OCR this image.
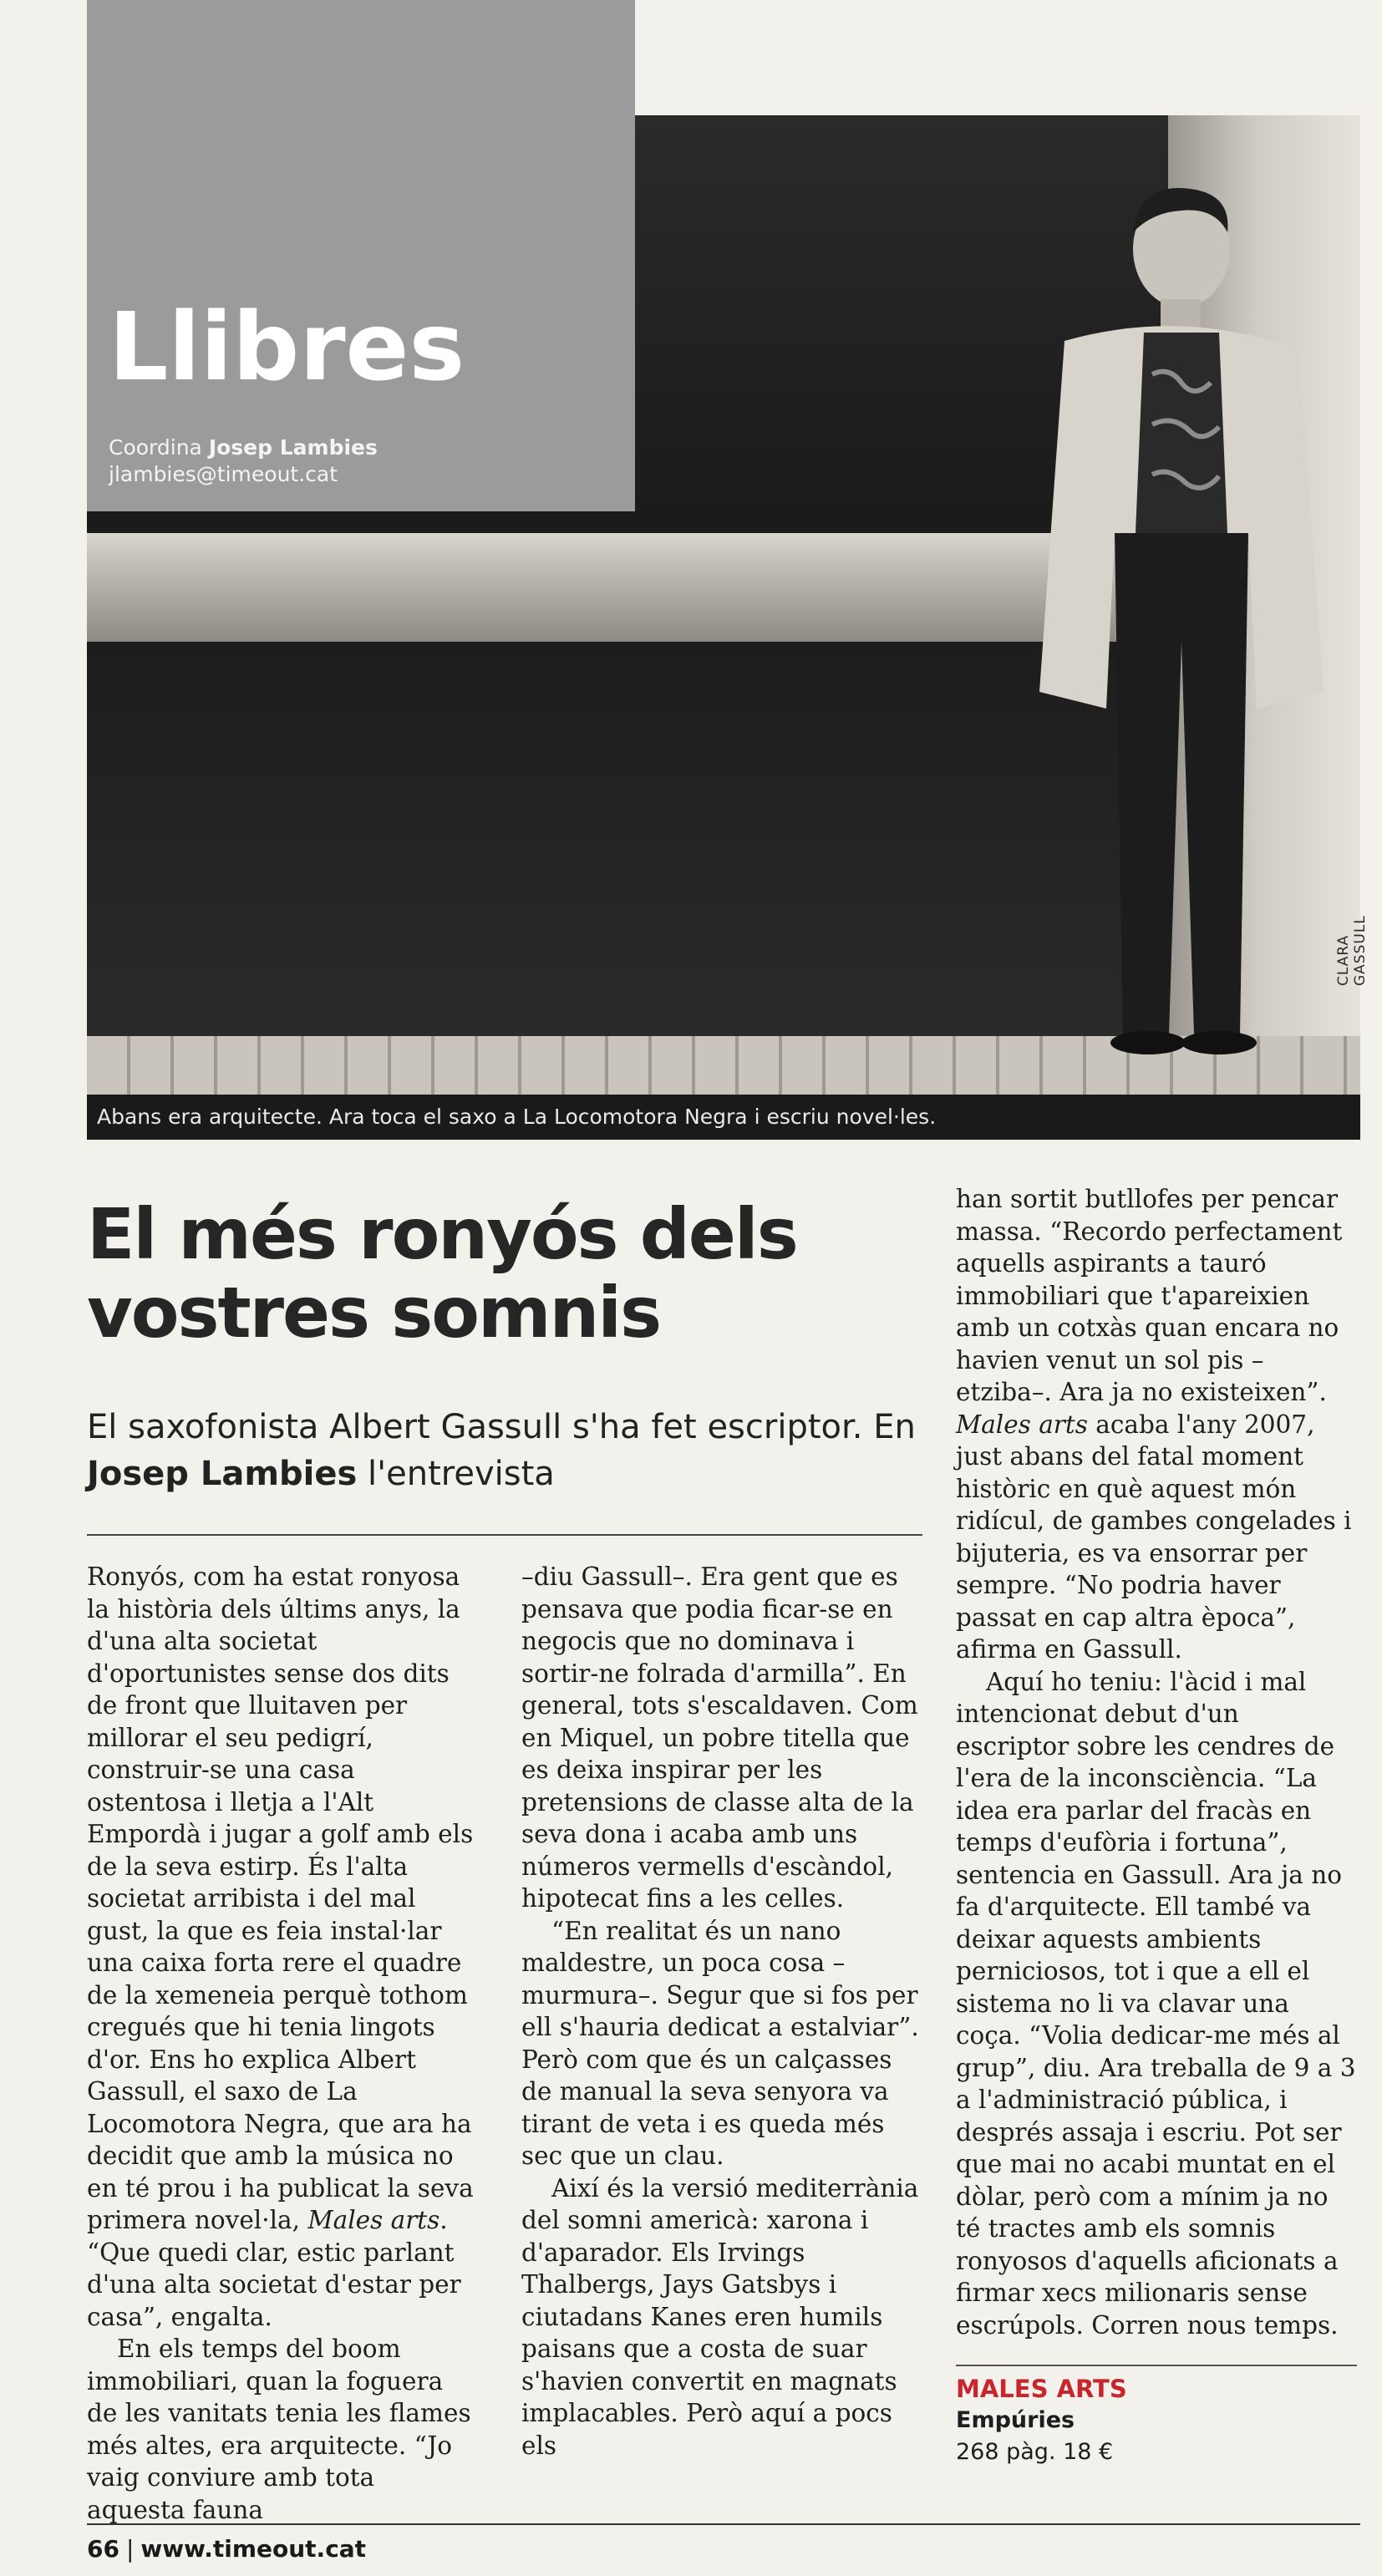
CLARA GASSULL
Abans era arquitecte. Ara toca el saxo a La Locomotora Negra i escriu novel·les.
Llibres
Coordina Josep Lambies
jlambies@timeout.cat
El més ronyós dels vostres somnis

El saxofonista Albert Gassull s'ha fet escriptor. En Josep Lambies l'entrevista

Ronyós, com ha estat ronyosa la història dels últims anys, la d'una alta societat d'oportunistes sense dos dits de front que lluitaven per millorar el seu pedigrí, construir-se una casa ostentosa i lletja a l'Alt Empordà i jugar a golf amb els de la seva estirp. És l'alta societat arribista i del mal gust, la que es feia instal·lar una caixa forta rere el quadre de la xemeneia perquè tothom cregués que hi tenia lingots d'or. Ens ho explica Albert Gassull, el saxo de La Locomotora Negra, que ara ha decidit que amb la música no en té prou i ha publicat la seva primera novel·la, Males arts. “Que quedi clar, estic parlant d'una alta societat d'estar per casa”, engalta.

En els temps del boom immobiliari, quan la foguera de les vanitats tenia les flames més altes, era arquitecte. “Jo vaig conviure amb tota aquesta fauna

–diu Gassull–. Era gent que es pensava que podia ficar-se en negocis que no dominava i sortir-ne folrada d'armilla”. En general, tots s'escaldaven. Com en Miquel, un pobre titella que es deixa inspirar per les pretensions de classe alta de la seva dona i acaba amb uns números vermells d'escàndol, hipotecat fins a les celles.

“En realitat és un nano maldestre, un poca cosa –murmura–. Segur que si fos per ell s'hauria dedicat a estalviar”. Però com que és un calçasses de manual la seva senyora va tirant de veta i es queda més sec que un clau.

Així és la versió mediterrània del somni americà: xarona i d'aparador. Els Irvings Thalbergs, Jays Gatsbys i ciutadans Kanes eren humils paisans que a costa de suar s'havien convertit en magnats implacables. Però aquí a pocs els

han sortit butllofes per pencar massa. “Recordo perfectament aquells aspirants a tauró immobiliari que t'apareixien amb un cotxàs quan encara no havien venut un sol pis –etziba–. Ara ja no existeixen”. Males arts acaba l'any 2007, just abans del fatal moment històric en què aquest món ridícul, de gambes congelades i bijuteria, es va ensorrar per sempre. “No podria haver passat en cap altra època”, afirma en Gassull.

Aquí ho teniu: l'àcid i mal intencionat debut d'un escriptor sobre les cendres de l'era de la inconsciència. “La idea era parlar del fracàs en temps d'eufòria i fortuna”, sentencia en Gassull. Ara ja no fa d'arquitecte. Ell també va deixar aquests ambients perniciosos, tot i que a ell el sistema no li va clavar una coça. “Volia dedicar-me més al grup”, diu. Ara treballa de 9 a 3 a l'administració pública, i després assaja i escriu. Pot ser que mai no acabi muntat en el dòlar, però com a mínim ja no té tractes amb els somnis ronyosos d'aquells aficionats a firmar xecs milionaris sense escrúpols. Corren nous temps.

MALES ARTS
Empúries
268 pàg. 18 €
66 | www.timeout.cat
